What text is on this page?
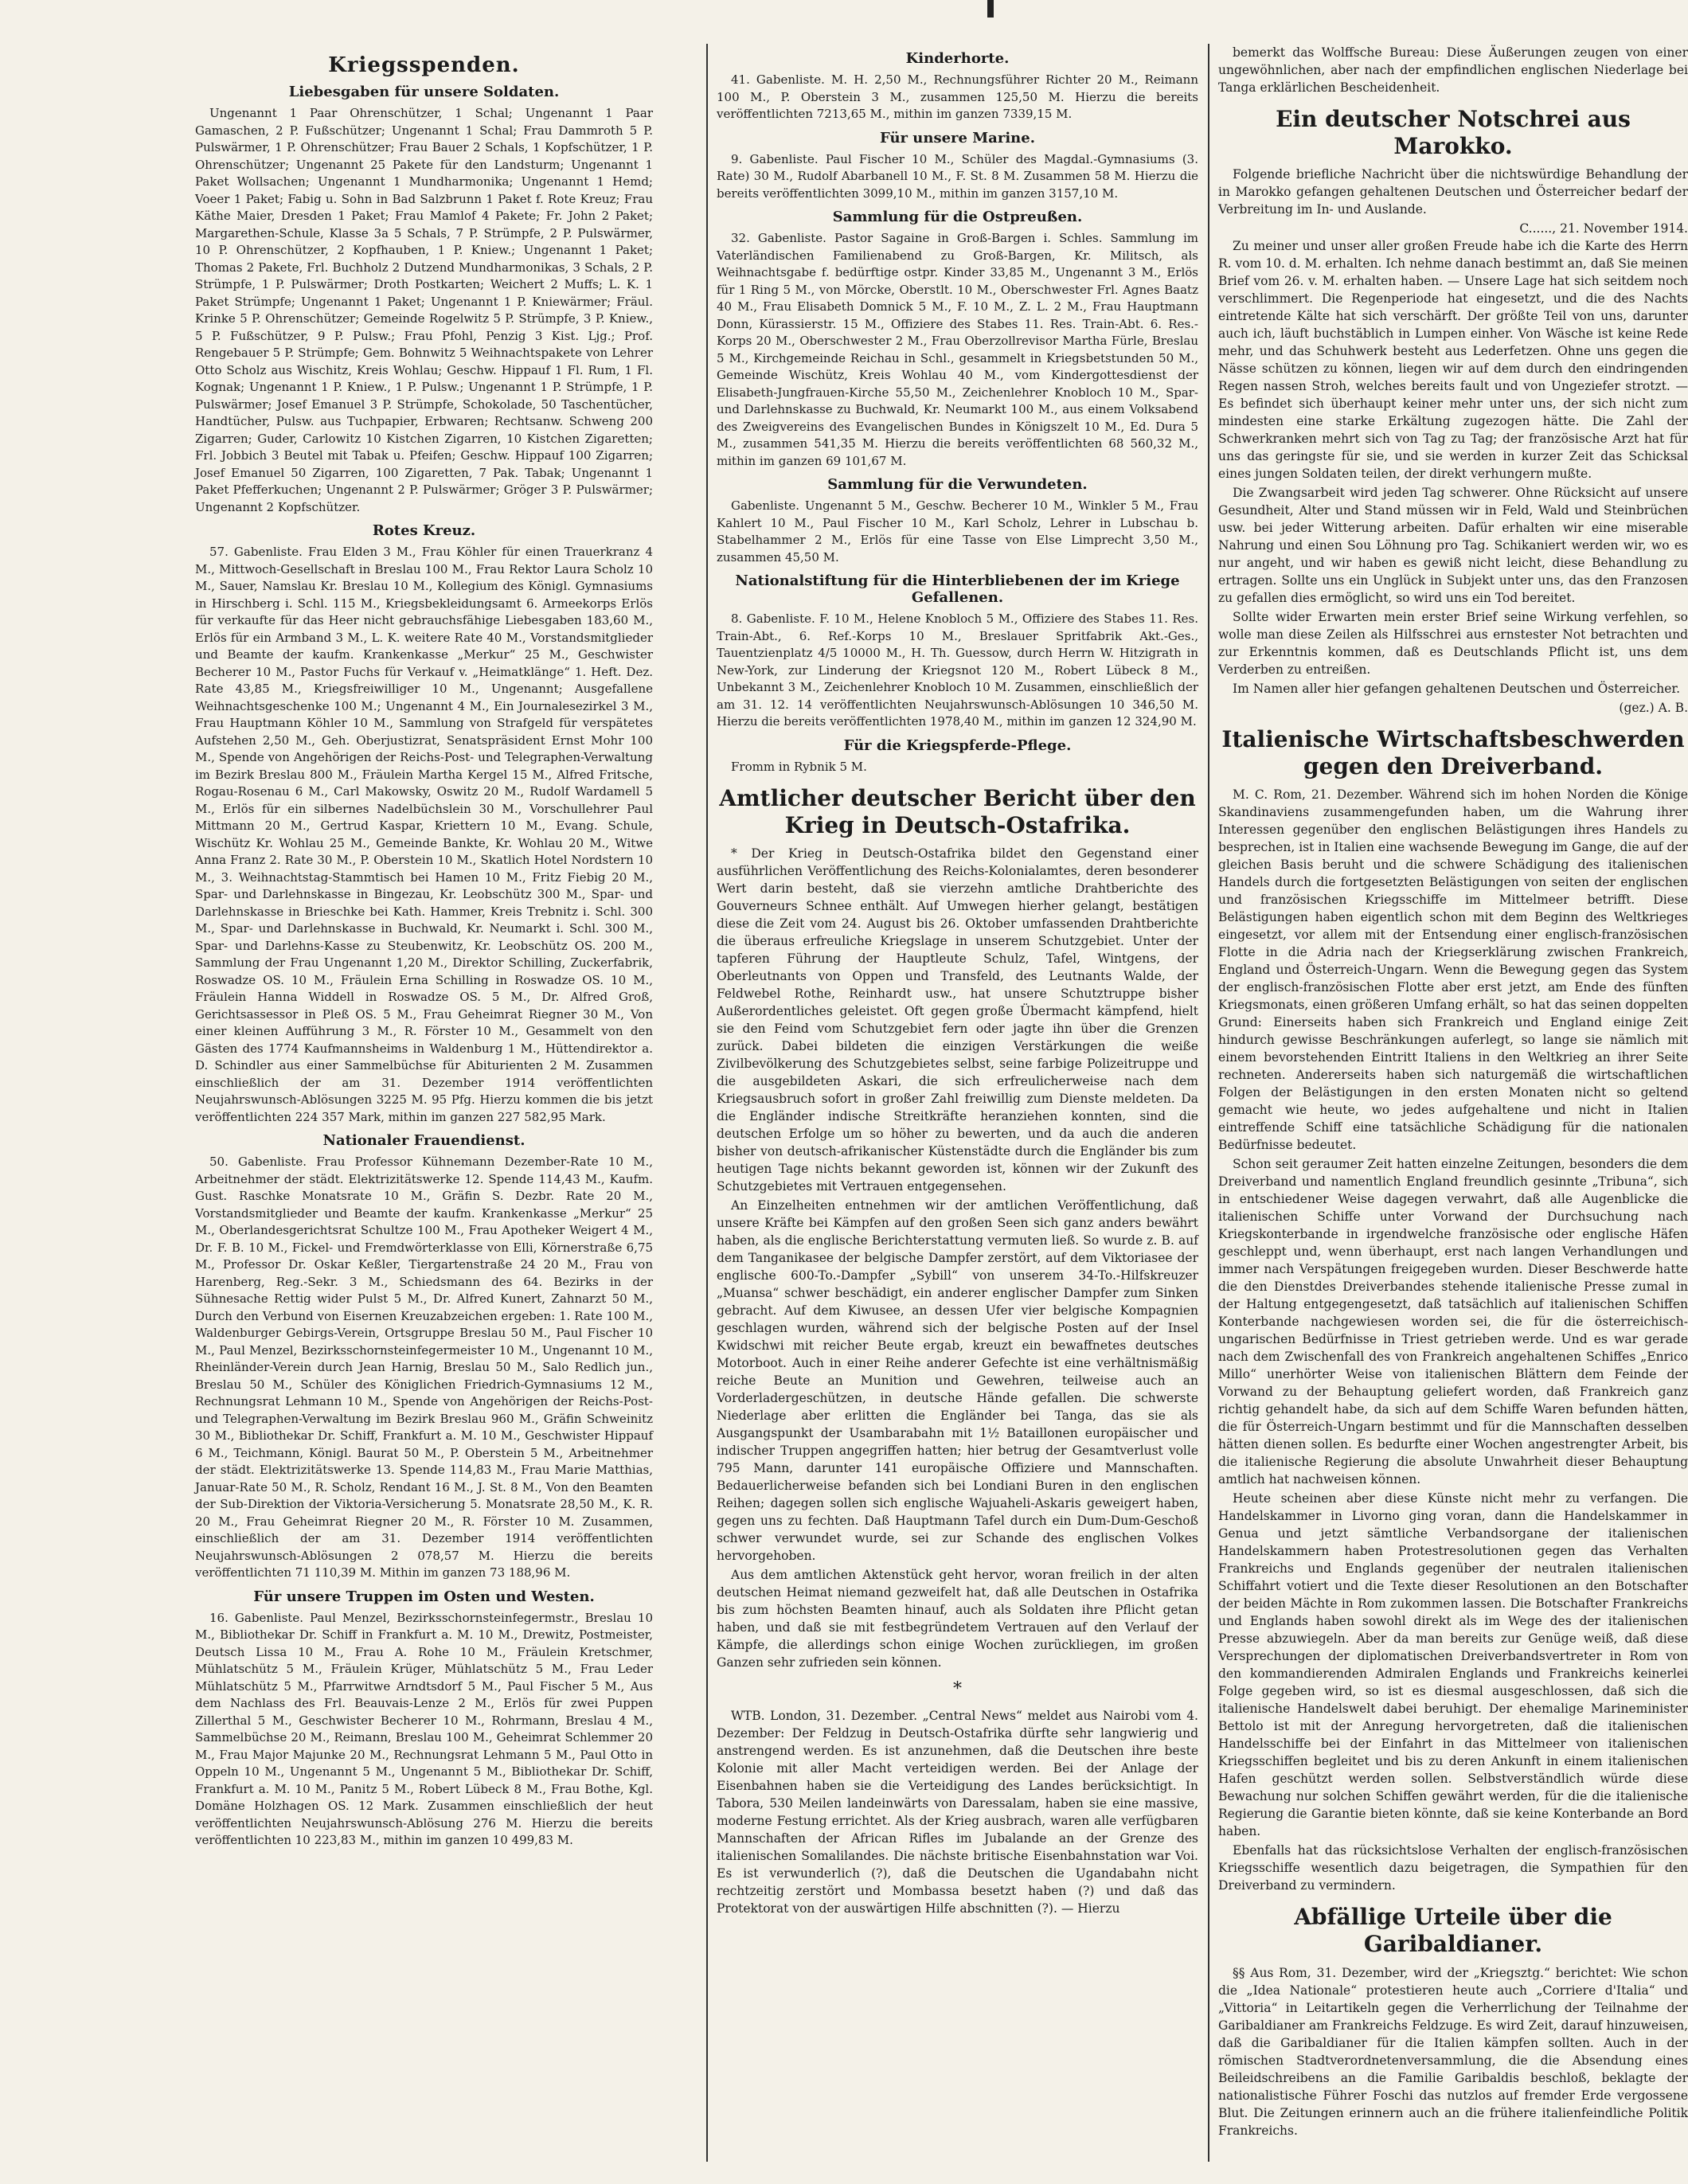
Kriegsspenden.
Liebesgaben für unsere Soldaten.

Ungenannt 1 Paar Ohrenschützer, 1 Schal; Ungenannt 1 Paar Gamaschen, 2 P. Fußschützer; Ungenannt 1 Schal; Frau Dammroth 5 P. Pulswärmer, 1 P. Ohrenschützer; Frau Bauer 2 Schals, 1 Kopfschützer, 1 P. Ohrenschützer; Ungenannt 25 Pakete für den Landsturm; Ungenannt 1 Paket Wollsachen; Ungenannt 1 Mundharmonika; Ungenannt 1 Hemd; Voeer 1 Paket; Fabig u. Sohn in Bad Salzbrunn 1 Paket f. Rote Kreuz; Frau Käthe Maier, Dresden 1 Paket; Frau Mamlof 4 Pakete; Fr. John 2 Paket; Margarethen-Schule, Klasse 3a 5 Schals, 7 P. Strümpfe, 2 P. Pulswärmer, 10 P. Ohrenschützer, 2 Kopfhauben, 1 P. Kniew.; Ungenannt 1 Paket; Thomas 2 Pakete, Frl. Buchholz 2 Dutzend Mundharmonikas, 3 Schals, 2 P. Strümpfe, 1 P. Pulswärmer; Droth Postkarten; Weichert 2 Muffs; L. K. 1 Paket Strümpfe; Ungenannt 1 Paket; Ungenannt 1 P. Kniewärmer; Fräul. Krinke 5 P. Ohrenschützer; Gemeinde Rogelwitz 5 P. Strümpfe, 3 P. Kniew., 5 P. Fußschützer, 9 P. Pulsw.; Frau Pfohl, Penzig 3 Kist. Ljg.; Prof. Rengebauer 5 P. Strümpfe; Gem. Bohnwitz 5 Weihnachtspakete von Lehrer Otto Scholz aus Wischitz, Kreis Wohlau; Geschw. Hippauf 1 Fl. Rum, 1 Fl. Kognak; Ungenannt 1 P. Kniew., 1 P. Pulsw.; Ungenannt 1 P. Strümpfe, 1 P. Pulswärmer; Josef Emanuel 3 P. Strümpfe, Schokolade, 50 Taschentücher, Handtücher, Pulsw. aus Tuchpapier, Erbwaren; Rechtsanw. Schweng 200 Zigarren; Guder, Carlowitz 10 Kistchen Zigarren, 10 Kistchen Zigaretten; Frl. Jobbich 3 Beutel mit Tabak u. Pfeifen; Geschw. Hippauf 100 Zigarren; Josef Emanuel 50 Zigarren, 100 Zigaretten, 7 Pak. Tabak; Ungenannt 1 Paket Pfefferkuchen; Ungenannt 2 P. Pulswärmer; Gröger 3 P. Pulswärmer; Ungenannt 2 Kopfschützer.

Rotes Kreuz.

57. Gabenliste. Frau Elden 3 M., Frau Köhler für einen Trauerkranz 4 M., Mittwoch-Gesellschaft in Breslau 100 M., Frau Rektor Laura Scholz 10 M., Sauer, Namslau Kr. Breslau 10 M., Kollegium des Königl. Gymnasiums in Hirschberg i. Schl. 115 M., Kriegsbekleidungsamt 6. Armeekorps Erlös für verkaufte für das Heer nicht gebrauchsfähige Liebesgaben 183,60 M., Erlös für ein Armband 3 M., L. K. weitere Rate 40 M., Vorstandsmitglieder und Beamte der kaufm. Krankenkasse „Merkur“ 25 M., Geschwister Becherer 10 M., Pastor Fuchs für Verkauf v. „Heimatklänge“ 1. Heft. Dez. Rate 43,85 M., Kriegsfreiwilliger 10 M., Ungenannt; Ausgefallene Weihnachtsgeschenke 100 M.; Ungenannt 4 M., Ein Journalesezirkel 3 M., Frau Hauptmann Köhler 10 M., Sammlung von Strafgeld für verspätetes Aufstehen 2,50 M., Geh. Oberjustizrat, Senatspräsident Ernst Mohr 100 M., Spende von Angehörigen der Reichs-Post- und Telegraphen-Verwaltung im Bezirk Breslau 800 M., Fräulein Martha Kergel 15 M., Alfred Fritsche, Rogau-Rosenau 6 M., Carl Makowsky, Oswitz 20 M., Rudolf Wardamell 5 M., Erlös für ein silbernes Nadelbüchslein 30 M., Vorschullehrer Paul Mittmann 20 M., Gertrud Kaspar, Kriettern 10 M., Evang. Schule, Wischütz Kr. Wohlau 25 M., Gemeinde Bankte, Kr. Wohlau 20 M., Witwe Anna Franz 2. Rate 30 M., P. Oberstein 10 M., Skatlich Hotel Nordstern 10 M., 3. Weihnachtstag-Stammtisch bei Hamen 10 M., Fritz Fiebig 20 M., Spar- und Darlehnskasse in Bingezau, Kr. Leobschütz 300 M., Spar- und Darlehnskasse in Brieschke bei Kath. Hammer, Kreis Trebnitz i. Schl. 300 M., Spar- und Darlehnskasse in Buchwald, Kr. Neumarkt i. Schl. 300 M., Spar- und Darlehns-Kasse zu Steubenwitz, Kr. Leobschütz OS. 200 M., Sammlung der Frau Ungenannt 1,20 M., Direktor Schilling, Zuckerfabrik, Roswadze OS. 10 M., Fräulein Erna Schilling in Roswadze OS. 10 M., Fräulein Hanna Widdell in Roswadze OS. 5 M., Dr. Alfred Groß, Gerichtsassessor in Pleß OS. 5 M., Frau Geheimrat Riegner 30 M., Von einer kleinen Aufführung 3 M., R. Förster 10 M., Gesammelt von den Gästen des 1774 Kaufmannsheims in Waldenburg 1 M., Hüttendirektor a. D. Schindler aus einer Sammelbüchse für Abiturienten 2 M. Zusammen einschließlich der am 31. Dezember 1914 veröffentlichten Neujahrswunsch-Ablösungen 3225 M. 95 Pfg. Hierzu kommen die bis jetzt veröffentlichten 224 357 Mark, mithin im ganzen 227 582,95 Mark.

Nationaler Frauendienst.

50. Gabenliste. Frau Professor Kühnemann Dezember-Rate 10 M., Arbeitnehmer der städt. Elektrizitätswerke 12. Spende 114,43 M., Kaufm. Gust. Raschke Monatsrate 10 M., Gräfin S. Dezbr. Rate 20 M., Vorstandsmitglieder und Beamte der kaufm. Krankenkasse „Merkur“ 25 M., Oberlandesgerichtsrat Schultze 100 M., Frau Apotheker Weigert 4 M., Dr. F. B. 10 M., Fickel- und Fremdwörterklasse von Elli, Körnerstraße 6,75 M., Professor Dr. Oskar Keßler, Tiergartenstraße 24 20 M., Frau von Harenberg, Reg.-Sekr. 3 M., Schiedsmann des 64. Bezirks in der Sühnesache Rettig wider Pulst 5 M., Dr. Alfred Kunert, Zahnarzt 50 M., Durch den Verbund von Eisernen Kreuzabzeichen ergeben: 1. Rate 100 M., Waldenburger Gebirgs-Verein, Ortsgruppe Breslau 50 M., Paul Fischer 10 M., Paul Menzel, Bezirksschornsteinfegermeister 10 M., Ungenannt 10 M., Rheinländer-Verein durch Jean Harnig, Breslau 50 M., Salo Redlich jun., Breslau 50 M., Schüler des Königlichen Friedrich-Gymnasiums 12 M., Rechnungsrat Lehmann 10 M., Spende von Angehörigen der Reichs-Post- und Telegraphen-Verwaltung im Bezirk Breslau 960 M., Gräfin Schweinitz 30 M., Bibliothekar Dr. Schiff, Frankfurt a. M. 10 M., Geschwister Hippauf 6 M., Teichmann, Königl. Baurat 50 M., P. Oberstein 5 M., Arbeitnehmer der städt. Elektrizitätswerke 13. Spende 114,83 M., Frau Marie Matthias, Januar-Rate 50 M., R. Scholz, Rendant 16 M., J. St. 8 M., Von den Beamten der Sub-Direktion der Viktoria-Versicherung 5. Monatsrate 28,50 M., K. R. 20 M., Frau Geheimrat Riegner 20 M., R. Förster 10 M. Zusammen, einschließlich der am 31. Dezember 1914 veröffentlichten Neujahrswunsch-Ablösungen 2 078,57 M. Hierzu die bereits veröffentlichten 71 110,39 M. Mithin im ganzen 73 188,96 M.

Für unsere Truppen im Osten und Westen.

16. Gabenliste. Paul Menzel, Bezirksschornsteinfegermstr., Breslau 10 M., Bibliothekar Dr. Schiff in Frankfurt a. M. 10 M., Drewitz, Postmeister, Deutsch Lissa 10 M., Frau A. Rohe 10 M., Fräulein Kretschmer, Mühlatschütz 5 M., Fräulein Krüger, Mühlatschütz 5 M., Frau Leder Mühlatschütz 5 M., Pfarrwitwe Arndtsdorf 5 M., Paul Fischer 5 M., Aus dem Nachlass des Frl. Beauvais-Lenze 2 M., Erlös für zwei Puppen Zillerthal 5 M., Geschwister Becherer 10 M., Rohrmann, Breslau 4 M., Sammelbüchse 20 M., Reimann, Breslau 100 M., Geheimrat Schlemmer 20 M., Frau Major Majunke 20 M., Rechnungsrat Lehmann 5 M., Paul Otto in Oppeln 10 M., Ungenannt 5 M., Ungenannt 5 M., Bibliothekar Dr. Schiff, Frankfurt a. M. 10 M., Panitz 5 M., Robert Lübeck 8 M., Frau Bothe, Kgl. Domäne Holzhagen OS. 12 Mark. Zusammen einschließlich der heut veröffentlichten Neujahrswunsch-Ablösung 276 M. Hierzu die bereits veröffentlichten 10 223,83 M., mithin im ganzen 10 499,83 M.

Kinderhorte.

41. Gabenliste. M. H. 2,50 M., Rechnungsführer Richter 20 M., Reimann 100 M., P. Oberstein 3 M., zusammen 125,50 M. Hierzu die bereits veröffentlichten 7213,65 M., mithin im ganzen 7339,15 M.

Für unsere Marine.

9. Gabenliste. Paul Fischer 10 M., Schüler des Magdal.-Gymnasiums (3. Rate) 30 M., Rudolf Abarbanell 10 M., F. St. 8 M. Zusammen 58 M. Hierzu die bereits veröffentlichten 3099,10 M., mithin im ganzen 3157,10 M.

Sammlung für die Ostpreußen.

32. Gabenliste. Pastor Sagaine in Groß-Bargen i. Schles. Sammlung im Vaterländischen Familienabend zu Groß-Bargen, Kr. Militsch, als Weihnachtsgabe f. bedürftige ostpr. Kinder 33,85 M., Ungenannt 3 M., Erlös für 1 Ring 5 M., von Mörcke, Oberstlt. 10 M., Oberschwester Frl. Agnes Baatz 40 M., Frau Elisabeth Domnick 5 M., F. 10 M., Z. L. 2 M., Frau Hauptmann Donn, Kürassierstr. 15 M., Offiziere des Stabes 11. Res. Train-Abt. 6. Res.-Korps 20 M., Oberschwester 2 M., Frau Oberzollrevisor Martha Fürle, Breslau 5 M., Kirchgemeinde Reichau in Schl., gesammelt in Kriegsbetstunden 50 M., Gemeinde Wischütz, Kreis Wohlau 40 M., vom Kindergottesdienst der Elisabeth-Jungfrauen-Kirche 55,50 M., Zeichenlehrer Knobloch 10 M., Spar- und Darlehnskasse zu Buchwald, Kr. Neumarkt 100 M., aus einem Volksabend des Zweigvereins des Evangelischen Bundes in Königszelt 10 M., Ed. Dura 5 M., zusammen 541,35 M. Hierzu die bereits veröffentlichten 68 560,32 M., mithin im ganzen 69 101,67 M.

Sammlung für die Verwundeten.

Gabenliste. Ungenannt 5 M., Geschw. Becherer 10 M., Winkler 5 M., Frau Kahlert 10 M., Paul Fischer 10 M., Karl Scholz, Lehrer in Lubschau b. Stabelhammer 2 M., Erlös für eine Tasse von Else Limprecht 3,50 M., zusammen 45,50 M.

Nationalstiftung für die Hinterbliebenen der im Kriege Gefallenen.

8. Gabenliste. F. 10 M., Helene Knobloch 5 M., Offiziere des Stabes 11. Res. Train-Abt., 6. Ref.-Korps 10 M., Breslauer Spritfabrik Akt.-Ges., Tauentzienplatz 4/5 10000 M., H. Th. Guessow, durch Herrn W. Hitzigrath in New-York, zur Linderung der Kriegsnot 120 M., Robert Lübeck 8 M., Unbekannt 3 M., Zeichenlehrer Knobloch 10 M. Zusammen, einschließlich der am 31. 12. 14 veröffentlichten Neujahrswunsch-Ablösungen 10 346,50 M. Hierzu die bereits veröffentlichten 1978,40 M., mithin im ganzen 12 324,90 M.

Für die Kriegspferde-Pflege.

Fromm in Rybnik 5 M.

Amtlicher deutscher Bericht über den Krieg in Deutsch-Ostafrika.

* Der Krieg in Deutsch-Ostafrika bildet den Gegenstand einer ausführlichen Veröffentlichung des Reichs-Kolonialamtes, deren besonderer Wert darin besteht, daß sie vierzehn amtliche Drahtberichte des Gouverneurs Schnee enthält. Auf Umwegen hierher gelangt, bestätigen diese die Zeit vom 24. August bis 26. Oktober umfassenden Drahtberichte die überaus erfreuliche Kriegslage in unserem Schutzgebiet. Unter der tapferen Führung der Hauptleute Schulz, Tafel, Wintgens, der Oberleutnants von Oppen und Transfeld, des Leutnants Walde, der Feldwebel Rothe, Reinhardt usw., hat unsere Schutztruppe bisher Außerordentliches geleistet. Oft gegen große Übermacht kämpfend, hielt sie den Feind vom Schutzgebiet fern oder jagte ihn über die Grenzen zurück. Dabei bildeten die einzigen Verstärkungen die weiße Zivilbevölkerung des Schutzgebietes selbst, seine farbige Polizeitruppe und die ausgebildeten Askari, die sich erfreulicherweise nach dem Kriegsausbruch sofort in großer Zahl freiwillig zum Dienste meldeten. Da die Engländer indische Streitkräfte heranziehen konnten, sind die deutschen Erfolge um so höher zu bewerten, und da auch die anderen bisher von deutsch-afrikanischer Küstenstädte durch die Engländer bis zum heutigen Tage nichts bekannt geworden ist, können wir der Zukunft des Schutzgebietes mit Vertrauen entgegensehen.

An Einzelheiten entnehmen wir der amtlichen Veröffentlichung, daß unsere Kräfte bei Kämpfen auf den großen Seen sich ganz anders bewährt haben, als die englische Berichterstattung vermuten ließ. So wurde z. B. auf dem Tanganikasee der belgische Dampfer zerstört, auf dem Viktoriasee der englische 600-To.-Dampfer „Sybill“ von unserem 34-To.-Hilfskreuzer „Muansa“ schwer beschädigt, ein anderer englischer Dampfer zum Sinken gebracht. Auf dem Kiwusee, an dessen Ufer vier belgische Kompagnien geschlagen wurden, während sich der belgische Posten auf der Insel Kwidschwi mit reicher Beute ergab, kreuzt ein bewaffnetes deutsches Motorboot. Auch in einer Reihe anderer Gefechte ist eine verhältnismäßig reiche Beute an Munition und Gewehren, teilweise auch an Vorderladergeschützen, in deutsche Hände gefallen. Die schwerste Niederlage aber erlitten die Engländer bei Tanga, das sie als Ausgangspunkt der Usambarabahn mit 1½ Bataillonen europäischer und indischer Truppen angegriffen hatten; hier betrug der Gesamtverlust volle 795 Mann, darunter 141 europäische Offiziere und Mannschaften. Bedauerlicherweise befanden sich bei Londiani Buren in den englischen Reihen; dagegen sollen sich englische Wajuaheli-Askaris geweigert haben, gegen uns zu fechten. Daß Hauptmann Tafel durch ein Dum-Dum-Geschoß schwer verwundet wurde, sei zur Schande des englischen Volkes hervorgehoben.

Aus dem amtlichen Aktenstück geht hervor, woran freilich in der alten deutschen Heimat niemand gezweifelt hat, daß alle Deutschen in Ostafrika bis zum höchsten Beamten hinauf, auch als Soldaten ihre Pflicht getan haben, und daß sie mit festbegründetem Vertrauen auf den Verlauf der Kämpfe, die allerdings schon einige Wochen zurückliegen, im großen Ganzen sehr zufrieden sein können.

*

WTB. London, 31. Dezember. „Central News“ meldet aus Nairobi vom 4. Dezember: Der Feldzug in Deutsch-Ostafrika dürfte sehr langwierig und anstrengend werden. Es ist anzunehmen, daß die Deutschen ihre beste Kolonie mit aller Macht verteidigen werden. Bei der Anlage der Eisenbahnen haben sie die Verteidigung des Landes berücksichtigt. In Tabora, 530 Meilen landeinwärts von Daressalam, haben sie eine massive, moderne Festung errichtet. Als der Krieg ausbrach, waren alle verfügbaren Mannschaften der African Rifles im Jubalande an der Grenze des italienischen Somalilandes. Die nächste britische Eisenbahnstation war Voi. Es ist verwunderlich (?), daß die Deutschen die Ugandabahn nicht rechtzeitig zerstört und Mombassa besetzt haben (?) und daß das Protektorat von der auswärtigen Hilfe abschnitten (?). — Hierzu

bemerkt das Wolffsche Bureau: Diese Äußerungen zeugen von einer ungewöhnlichen, aber nach der empfindlichen englischen Niederlage bei Tanga erklärlichen Bescheidenheit.

Ein deutscher Notschrei aus Marokko.

Folgende briefliche Nachricht über die nichtswürdige Behandlung der in Marokko gefangen gehaltenen Deutschen und Österreicher bedarf der Verbreitung im In- und Auslande.

C......, 21. November 1914.

Zu meiner und unser aller großen Freude habe ich die Karte des Herrn R. vom 10. d. M. erhalten. Ich nehme danach bestimmt an, daß Sie meinen Brief vom 26. v. M. erhalten haben. — Unsere Lage hat sich seitdem noch verschlimmert. Die Regenperiode hat eingesetzt, und die des Nachts eintretende Kälte hat sich verschärft. Der größte Teil von uns, darunter auch ich, läuft buchstäblich in Lumpen einher. Von Wäsche ist keine Rede mehr, und das Schuhwerk besteht aus Lederfetzen. Ohne uns gegen die Nässe schützen zu können, liegen wir auf dem durch den eindringenden Regen nassen Stroh, welches bereits fault und von Ungeziefer strotzt. — Es befindet sich überhaupt keiner mehr unter uns, der sich nicht zum mindesten eine starke Erkältung zugezogen hätte. Die Zahl der Schwerkranken mehrt sich von Tag zu Tag; der französische Arzt hat für uns das geringste für sie, und sie werden in kurzer Zeit das Schicksal eines jungen Soldaten teilen, der direkt verhungern mußte.

Die Zwangsarbeit wird jeden Tag schwerer. Ohne Rücksicht auf unsere Gesundheit, Alter und Stand müssen wir in Feld, Wald und Steinbrüchen usw. bei jeder Witterung arbeiten. Dafür erhalten wir eine miserable Nahrung und einen Sou Löhnung pro Tag. Schikaniert werden wir, wo es nur angeht, und wir haben es gewiß nicht leicht, diese Behandlung zu ertragen. Sollte uns ein Unglück in Subjekt unter uns, das den Franzosen zu gefallen dies ermöglicht, so wird uns ein Tod bereitet.

Sollte wider Erwarten mein erster Brief seine Wirkung verfehlen, so wolle man diese Zeilen als Hilfsschrei aus ernstester Not betrachten und zur Erkenntnis kommen, daß es Deutschlands Pflicht ist, uns dem Verderben zu entreißen.

Im Namen aller hier gefangen gehaltenen Deutschen und Österreicher.

(gez.) A. B.
Italienische Wirtschaftsbeschwerden gegen den Dreiverband.

M. C. Rom, 21. Dezember. Während sich im hohen Norden die Könige Skandinaviens zusammengefunden haben, um die Wahrung ihrer Interessen gegenüber den englischen Belästigungen ihres Handels zu besprechen, ist in Italien eine wachsende Bewegung im Gange, die auf der gleichen Basis beruht und die schwere Schädigung des italienischen Handels durch die fortgesetzten Belästigungen von seiten der englischen und französischen Kriegsschiffe im Mittelmeer betrifft. Diese Belästigungen haben eigentlich schon mit dem Beginn des Weltkrieges eingesetzt, vor allem mit der Entsendung einer englisch-französischen Flotte in die Adria nach der Kriegserklärung zwischen Frankreich, England und Österreich-Ungarn. Wenn die Bewegung gegen das System der englisch-französischen Flotte aber erst jetzt, am Ende des fünften Kriegsmonats, einen größeren Umfang erhält, so hat das seinen doppelten Grund: Einerseits haben sich Frankreich und England einige Zeit hindurch gewisse Beschränkungen auferlegt, so lange sie nämlich mit einem bevorstehenden Eintritt Italiens in den Weltkrieg an ihrer Seite rechneten. Andererseits haben sich naturgemäß die wirtschaftlichen Folgen der Belästigungen in den ersten Monaten nicht so geltend gemacht wie heute, wo jedes aufgehaltene und nicht in Italien eintreffende Schiff eine tatsächliche Schädigung für die nationalen Bedürfnisse bedeutet.

Schon seit geraumer Zeit hatten einzelne Zeitungen, besonders die dem Dreiverband und namentlich England freundlich gesinnte „Tribuna“, sich in entschiedener Weise dagegen verwahrt, daß alle Augenblicke die italienischen Schiffe unter Vorwand der Durchsuchung nach Kriegskonterbande in irgendwelche französische oder englische Häfen geschleppt und, wenn überhaupt, erst nach langen Verhandlungen und immer nach Verspätungen freigegeben wurden. Dieser Beschwerde hatte die den Dienstdes Dreiverbandes stehende italienische Presse zumal in der Haltung entgegengesetzt, daß tatsächlich auf italienischen Schiffen Konterbande nachgewiesen worden sei, die für die österreichisch-ungarischen Bedürfnisse in Triest getrieben werde. Und es war gerade nach dem Zwischenfall des von Frankreich angehaltenen Schiffes „Enrico Millo“ unerhörter Weise von italienischen Blättern dem Feinde der Vorwand zu der Behauptung geliefert worden, daß Frankreich ganz richtig gehandelt habe, da sich auf dem Schiffe Waren befunden hätten, die für Österreich-Ungarn bestimmt und für die Mannschaften desselben hätten dienen sollen. Es bedurfte einer Wochen angestrengter Arbeit, bis die italienische Regierung die absolute Unwahrheit dieser Behauptung amtlich hat nachweisen können.

Heute scheinen aber diese Künste nicht mehr zu verfangen. Die Handelskammer in Livorno ging voran, dann die Handelskammer in Genua und jetzt sämtliche Verbandsorgane der italienischen Handelskammern haben Protestresolutionen gegen das Verhalten Frankreichs und Englands gegenüber der neutralen italienischen Schiffahrt votiert und die Texte dieser Resolutionen an den Botschafter der beiden Mächte in Rom zukommen lassen. Die Botschafter Frankreichs und Englands haben sowohl direkt als im Wege des der italienischen Presse abzuwiegeln. Aber da man bereits zur Genüge weiß, daß diese Versprechungen der diplomatischen Dreiverbandsvertreter in Rom von den kommandierenden Admiralen Englands und Frankreichs keinerlei Folge gegeben wird, so ist es diesmal ausgeschlossen, daß sich die italienische Handelswelt dabei beruhigt. Der ehemalige Marineminister Bettolo ist mit der Anregung hervorgetreten, daß die italienischen Handelsschiffe bei der Einfahrt in das Mittelmeer von italienischen Kriegsschiffen begleitet und bis zu deren Ankunft in einem italienischen Hafen geschützt werden sollen. Selbstverständlich würde diese Bewachung nur solchen Schiffen gewährt werden, für die die italienische Regierung die Garantie bieten könnte, daß sie keine Konterbande an Bord haben.

Ebenfalls hat das rücksichtslose Verhalten der englisch-französischen Kriegsschiffe wesentlich dazu beigetragen, die Sympathien für den Dreiverband zu vermindern.

Abfällige Urteile über die Garibaldianer.

§§ Aus Rom, 31. Dezember, wird der „Kriegsztg.“ berichtet: Wie schon die „Idea Nationale“ protestieren heute auch „Corriere d'Italia“ und „Vittoria“ in Leitartikeln gegen die Verherrlichung der Teilnahme der Garibaldianer am Frankreichs Feldzuge. Es wird Zeit, darauf hinzuweisen, daß die Garibaldianer für die Italien kämpfen sollten. Auch in der römischen Stadtverordnetenversammlung, die die Absendung eines Beileidschreibens an die Familie Garibaldis beschloß, beklagte der nationalistische Führer Foschi das nutzlos auf fremder Erde vergossene Blut. Die Zeitungen erinnern auch an die frühere italienfeindliche Politik Frankreichs.
